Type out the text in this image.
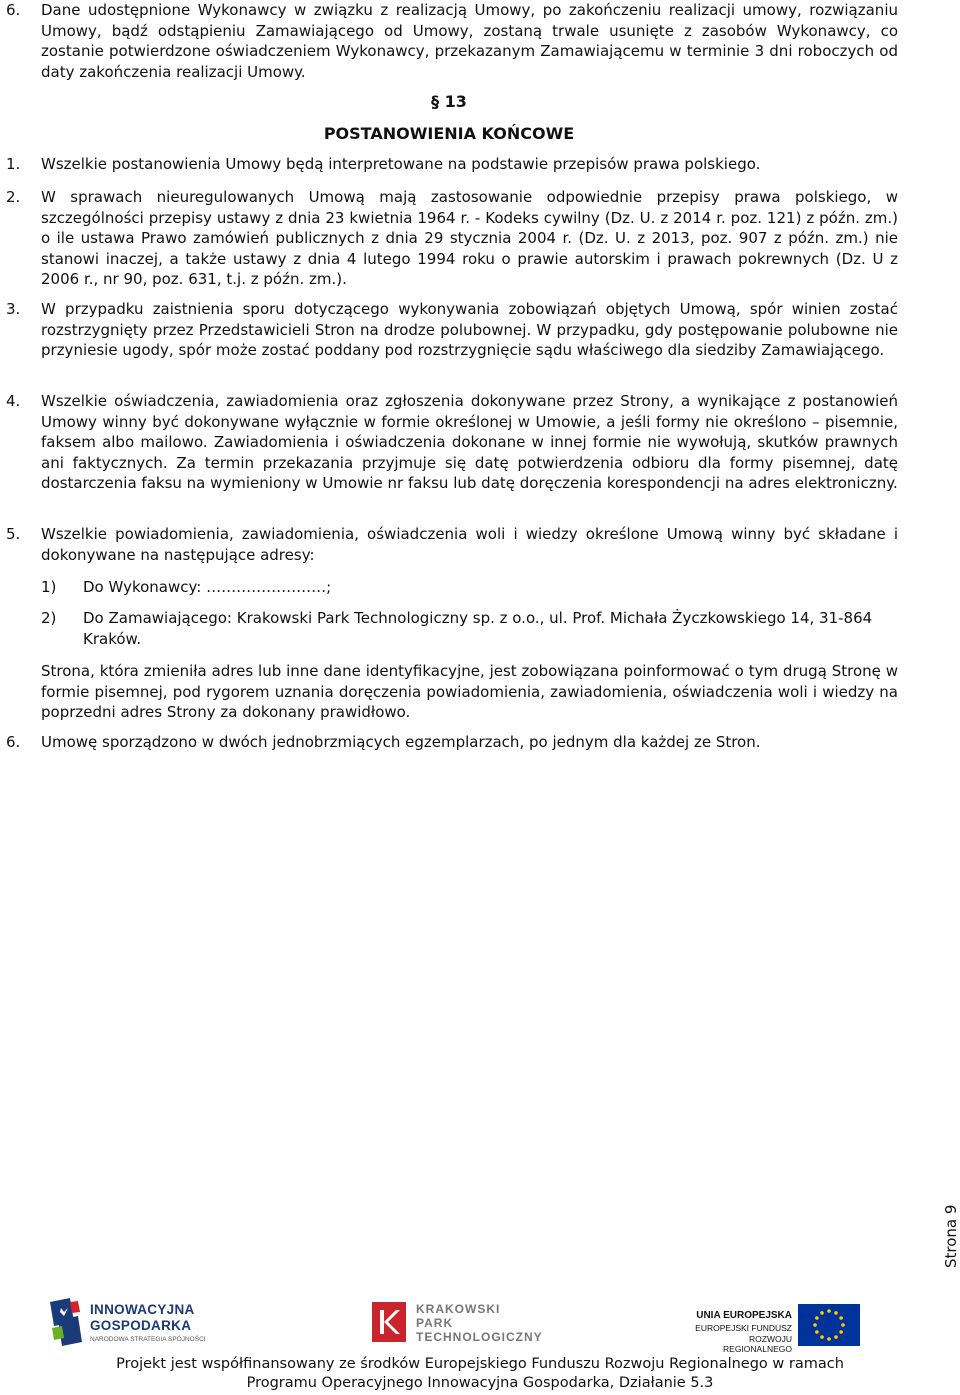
6. Dane udostępnione Wykonawcy w związku z realizacją Umowy, po zakończeniu realizacji umowy, rozwiązaniu Umowy, bądź odstąpieniu Zamawiającego od Umowy, zostaną trwale usunięte z zasobów Wykonawcy, co zostanie potwierdzone oświadczeniem Wykonawcy, przekazanym Zamawiającemu w terminie 3 dni roboczych od daty zakończenia realizacji Umowy.
§ 13
POSTANOWIENIA KOŃCOWE
1. Wszelkie postanowienia Umowy będą interpretowane na podstawie przepisów prawa polskiego.
2. W sprawach nieuregulowanych Umową mają zastosowanie odpowiednie przepisy prawa polskiego, w szczególności przepisy ustawy z dnia 23 kwietnia 1964 r. - Kodeks cywilny (Dz. U. z 2014 r. poz. 121) z późn. zm.) o ile ustawa Prawo zamówień publicznych z dnia 29 stycznia 2004 r. (Dz. U. z 2013, poz. 907 z późn. zm.) nie stanowi inaczej, a także ustawy z dnia 4 lutego 1994 roku o prawie autorskim i prawach pokrewnych (Dz. U z 2006 r., nr 90, poz. 631, t.j. z późn. zm.).
3. W przypadku zaistnienia sporu dotyczącego wykonywania zobowiązań objętych Umową, spór winien zostać rozstrzygnięty przez Przedstawicieli Stron na drodze polubownej. W przypadku, gdy postępowanie polubowne nie przyniesie ugody, spór może zostać poddany pod rozstrzygnięcie sądu właściwego dla siedziby Zamawiającego.
4. Wszelkie oświadczenia, zawiadomienia oraz zgłoszenia dokonywane przez Strony, a wynikające z postanowień Umowy winny być dokonywane wyłącznie w formie określonej w Umowie, a jeśli formy nie określono – pisemnie, faksem albo mailowo. Zawiadomienia i oświadczenia dokonane w innej formie nie wywołują, skutków prawnych ani faktycznych. Za termin przekazania przyjmuje się datę potwierdzenia odbioru dla formy pisemnej, datę dostarczenia faksu na wymieniony w Umowie nr faksu lub datę doręczenia korespondencji na adres elektroniczny.
5. Wszelkie powiadomienia, zawiadomienia, oświadczenia woli i wiedzy określone Umową winny być składane i dokonywane na następujące adresy:
1) Do Wykonawcy: ……………………;
2) Do Zamawiającego: Krakowski Park Technologiczny sp. z o.o., ul. Prof. Michała Życzkowskiego 14, 31-864 Kraków.
Strona, która zmieniła adres lub inne dane identyfikacyjne, jest zobowiązana poinformować o tym drugą Stronę w formie pisemnej, pod rygorem uznania doręczenia powiadomienia, zawiadomienia, oświadczenia woli i wiedzy na poprzedni adres Strony za dokonany prawidłowo.
6. Umowę sporządzono w dwóch jednobrzmiących egzemplarzach, po jednym dla każdej ze Stron.
Strona 9
INNOWACYJNA
GOSPODARKA
NARODOWA STRATEGIA SPÓJNOŚCI
KRAKOWSKI
PARK
TECHNOLOGICZNY
UNIA EUROPEJSKA
EUROPEJSKI FUNDUSZ
ROZWOJU REGIONALNEGO
Projekt jest współfinansowany ze środków Europejskiego Funduszu Rozwoju Regionalnego w ramach
Programu Operacyjnego Innowacyjna Gospodarka, Działanie 5.3
